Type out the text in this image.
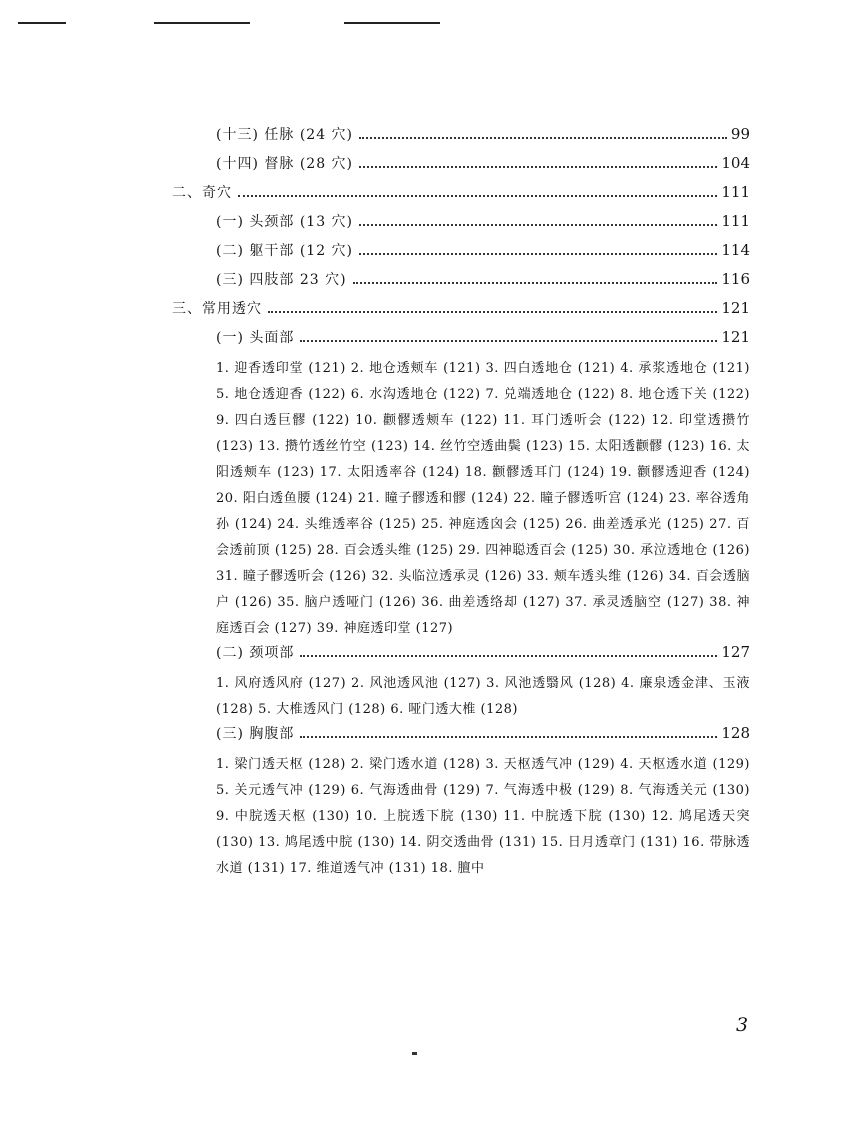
(十三) 任脉 (24 穴)	99
(十四) 督脉 (28 穴)	104
二、奇穴	111
(一) 头颈部 (13 穴)	111
(二) 躯干部 (12 穴)	114
(三) 四肢部 23 穴)	116
三、常用透穴	121
(一) 头面部	121

1. 迎香透印堂 (121) 2. 地仓透颊车 (121) 3. 四白透地仓 (121) 4. 承浆透地仓 (121) 5. 地仓透迎香 (122) 6. 水沟透地仓 (122) 7. 兑端透地仓 (122) 8. 地仓透下关 (122) 9. 四白透巨髎 (122) 10. 颧髎透颊车 (122) 11. 耳门透听会 (122) 12. 印堂透攒竹 (123) 13. 攒竹透丝竹空 (123) 14. 丝竹空透曲鬓 (123) 15. 太阳透颧髎 (123) 16. 太阳透颊车 (123) 17. 太阳透率谷 (124) 18. 颧髎透耳门 (124) 19. 颧髎透迎香 (124) 20. 阳白透鱼腰 (124) 21. 瞳子髎透和髎 (124) 22. 瞳子髎透听宫 (124) 23. 率谷透角孙 (124) 24. 头维透率谷 (125) 25. 神庭透囟会 (125) 26. 曲差透承光 (125) 27. 百会透前顶 (125) 28. 百会透头维 (125) 29. 四神聪透百会 (125) 30. 承泣透地仓 (126) 31. 瞳子髎透听会 (126) 32. 头临泣透承灵 (126) 33. 颊车透头维 (126) 34. 百会透脑户 (126) 35. 脑户透哑门 (126) 36. 曲差透络却 (127) 37. 承灵透脑空 (127) 38. 神庭透百会 (127) 39. 神庭透印堂 (127)

(二) 颈项部	127

1. 风府透风府 (127) 2. 风池透风池 (127) 3. 风池透翳风 (128) 4. 廉泉透金津、玉液 (128) 5. 大椎透风门 (128) 6. 哑门透大椎 (128)

(三) 胸腹部	128

1. 梁门透天枢 (128) 2. 梁门透水道 (128) 3. 天枢透气冲 (129) 4. 天枢透水道 (129) 5. 关元透气冲 (129) 6. 气海透曲骨 (129) 7. 气海透中极 (129) 8. 气海透关元 (130) 9. 中脘透天枢 (130) 10. 上脘透下脘 (130) 11. 中脘透下脘 (130) 12. 鸠尾透天突 (130) 13. 鸠尾透中脘 (130) 14. 阴交透曲骨 (131) 15. 日月透章门 (131) 16. 带脉透水道 (131) 17. 维道透气冲 (131) 18. 膻中

3
